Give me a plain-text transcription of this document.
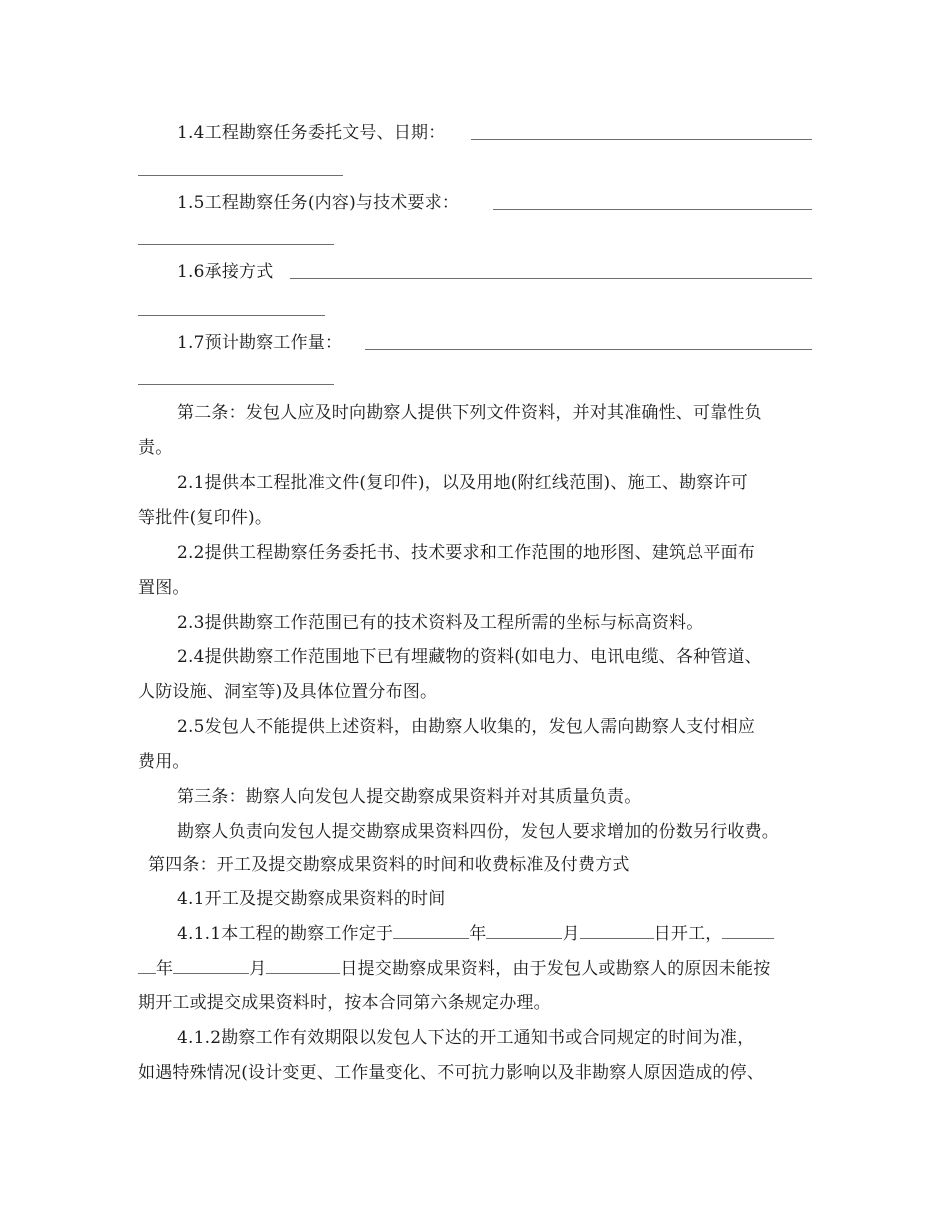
1.4工程勘察任务委托文号、日期：
1.5工程勘察任务(内容)与技术要求：
1.6承接方式
1.7预计勘察工作量：
第二条：发包人应及时向勘察人提供下列文件资料，并对其准确性、可靠性负
责。
2.1提供本工程批准文件(复印件)，以及用地(附红线范围)、施工、勘察许可
等批件(复印件)。
2.2提供工程勘察任务委托书、技术要求和工作范围的地形图、建筑总平面布
置图。
2.3提供勘察工作范围已有的技术资料及工程所需的坐标与标高资料。
2.4提供勘察工作范围地下已有埋藏物的资料(如电力、电讯电缆、各种管道、
人防设施、洞室等)及具体位置分布图。
2.5发包人不能提供上述资料，由勘察人收集的，发包人需向勘察人支付相应
费用。
第三条：勘察人向发包人提交勘察成果资料并对其质量负责。
勘察人负责向发包人提交勘察成果资料四份，发包人要求增加的份数另行收费。
第四条：开工及提交勘察成果资料的时间和收费标准及付费方式
4.1开工及提交勘察成果资料的时间
4.1.1本工程的勘察工作定于	年	月	日开工，
年	月	日提交勘察成果资料，由于发包人或勘察人的原因未能按
期开工或提交成果资料时，按本合同第六条规定办理。
4.1.2勘察工作有效期限以发包人下达的开工通知书或合同规定的时间为准，
如遇特殊情况(设计变更、工作量变化、不可抗力影响以及非勘察人原因造成的停、
